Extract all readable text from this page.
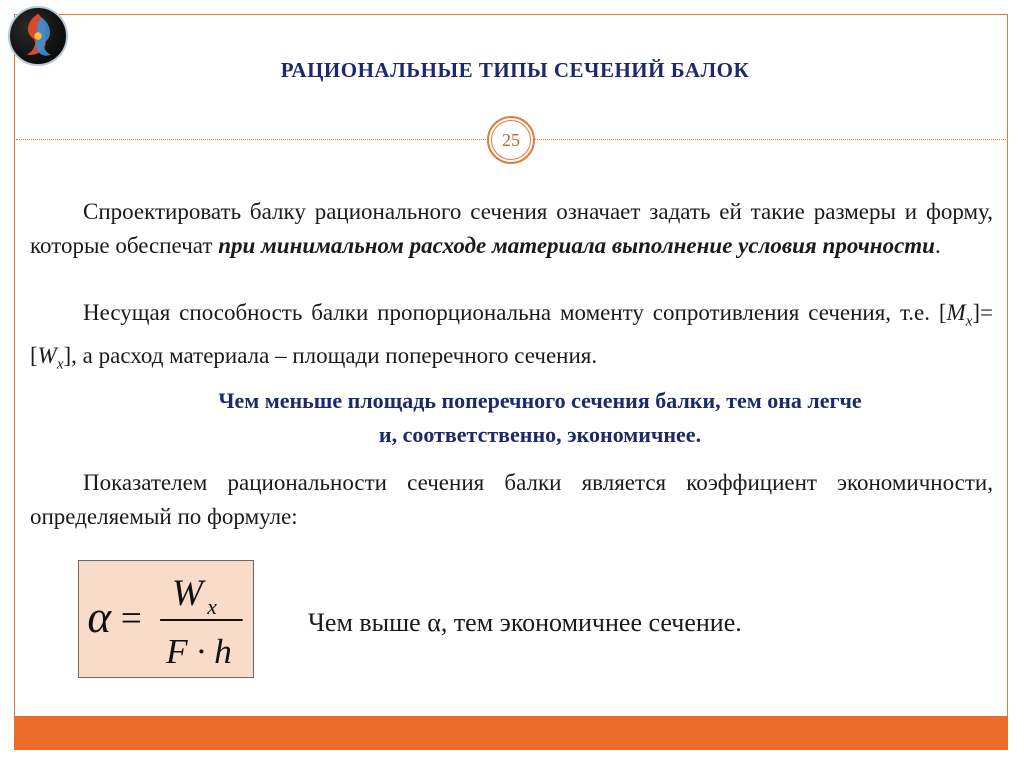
РАЦИОНАЛЬНЫЕ ТИПЫ СЕЧЕНИЙ БАЛОК
25

Спроектировать балку рационального сечения означает задать ей такие размеры и форму, которые обеспечат при минимальном расходе материала выполнение условия прочности.

Несущая способность балки пропорциональна моменту сопротивления сечения, т.е. $[M_x]=[W_x]$, а расход материала – площади поперечного сечения.

Чем меньше площадь поперечного сечения балки, тем она легче
и, соответственно, экономичнее.

Показателем рациональности сечения балки является коэффициент экономичности, определяемый по формуле:

α =
W x
F · h

Чем выше α, тем экономичнее сечение.
